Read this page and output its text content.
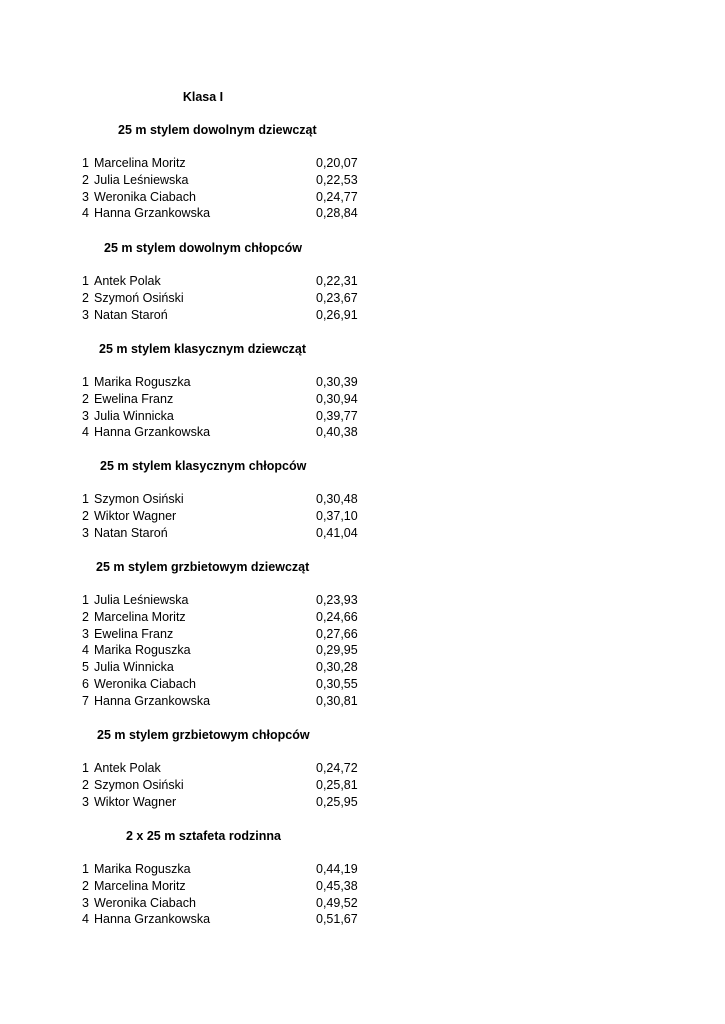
Klasa I
25 m stylem dowolnym dziewcząt
1 Marcelina Moritz	0,20,07
2 Julia Leśniewska	0,22,53
3 Weronika Ciabach	0,24,77
4 Hanna Grzankowska	0,28,84
25 m stylem dowolnym chłopców
1 Antek Polak	0,22,31
2 Szymoń Osiński	0,23,67
3 Natan Staroń	0,26,91
25 m stylem klasycznym dziewcząt
1 Marika Roguszka	0,30,39
2 Ewelina Franz	0,30,94
3 Julia Winnicka	0,39,77
4 Hanna Grzankowska	0,40,38
25 m stylem klasycznym chłopców
1 Szymon Osiński	0,30,48
2 Wiktor Wagner	0,37,10
3 Natan Staroń	0,41,04
25 m stylem grzbietowym dziewcząt
1 Julia Leśniewska	0,23,93
2 Marcelina Moritz	0,24,66
3 Ewelina Franz	0,27,66
4 Marika Roguszka	0,29,95
5 Julia Winnicka	0,30,28
6 Weronika Ciabach	0,30,55
7 Hanna Grzankowska	0,30,81
25 m stylem grzbietowym chłopców
1 Antek Polak	0,24,72
2 Szymon Osiński	0,25,81
3 Wiktor Wagner	0,25,95
2 x 25 m sztafeta rodzinna
1 Marika Roguszka	0,44,19
2 Marcelina Moritz	0,45,38
3 Weronika Ciabach	0,49,52
4 Hanna Grzankowska	0,51,67
